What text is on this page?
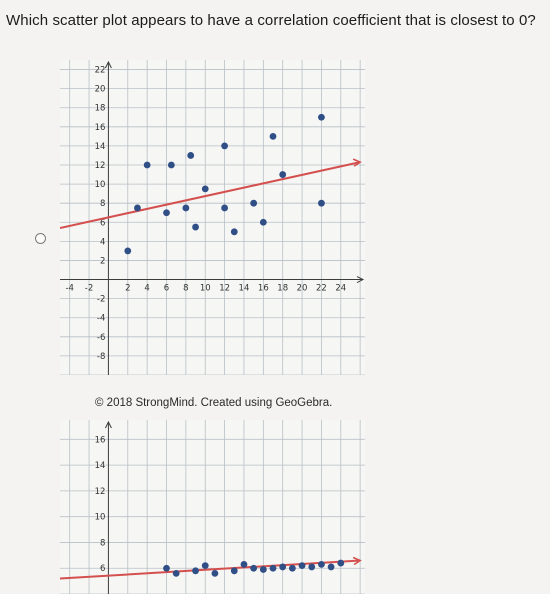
Which scatter plot appears to have a correlation coefficient that is closest to 0?
-4 -2	2 4 6 8 10 12 14 16 18 20 22 24
22
20
18
16
14
12
10
8
6
4
2
-2
-4
-6
-8
© 2018 StrongMind. Created using GeoGebra.
16
14
12
10
8
6
